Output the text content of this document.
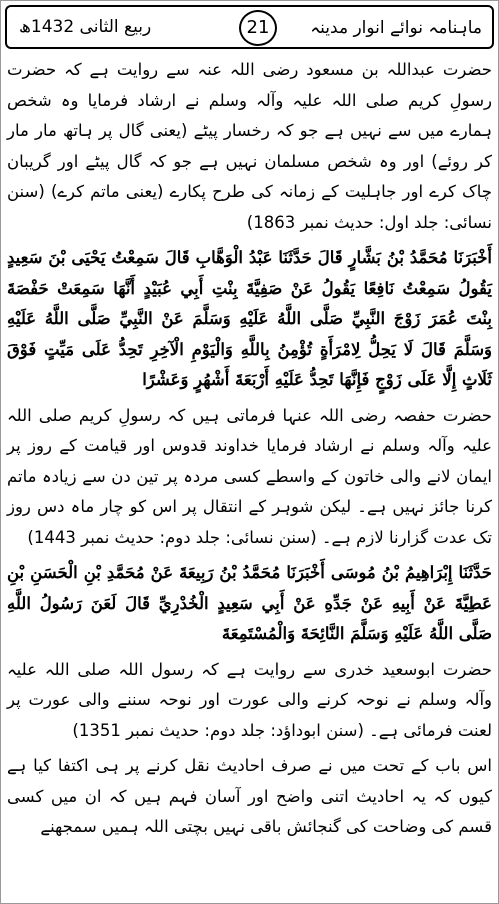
ماہنامہ نوائے انوار مدینہ
21
ربیع الثانی 1432ھ

حضرت عبداللہ بن مسعود رضی اللہ عنہ سے روایت ہے کہ حضرت رسولِ کریم صلی اللہ علیہ وآلہ وسلم نے ارشاد فرمایا وہ شخص ہمارے میں سے نہیں ہے جو کہ رخسار پیٹے (یعنی گال پر ہاتھ مار مار کر روئے) اور وہ شخص مسلمان نہیں ہے جو کہ گال پیٹے اور گریبان چاک کرے اور جاہلیت کے زمانہ کی طرح پکارے (یعنی ماتم کرے) (سنن نسائی: جلد اول: حدیث نمبر 1863)

أَخْبَرَنَا مُحَمَّدُ بْنُ بَشَّارٍ قَالَ حَدَّثَنَا عَبْدُ الْوَهَّابِ قَالَ سَمِعْتُ يَحْيَى بْنَ سَعِيدٍ يَقُولُ سَمِعْتُ نَافِعًا يَقُولُ عَنْ صَفِيَّةَ بِنْتِ أَبِي عُبَيْدٍ أَنَّهَا سَمِعَتْ حَفْصَةَ بِنْتَ عُمَرَ زَوْجَ النَّبِيِّ صَلَّى اللَّهُ عَلَيْهِ وَسَلَّمَ عَنْ النَّبِيِّ صَلَّى اللَّهُ عَلَيْهِ وَسَلَّمَ قَالَ لَا يَحِلُّ لِامْرَأَةٍ تُؤْمِنُ بِاللَّهِ وَالْيَوْمِ الْآخِرِ تَحِدُّ عَلَى مَيِّتٍ فَوْقَ ثَلَاثٍ إِلَّا عَلَى زَوْجٍ فَإِنَّهَا تَحِدُّ عَلَيْهِ أَرْبَعَةَ أَشْهُرٍ وَعَشْرًا

حضرت حفصہ رضی اللہ عنہا فرماتی ہیں کہ رسولِ کریم صلی اللہ علیہ وآلہ وسلم نے ارشاد فرمایا خداوند قدوس اور قیامت کے روز پر ایمان لانے والی خاتون کے واسطے کسی مردہ پر تین دن سے زیادہ ماتم کرنا جائز نہیں ہے۔ لیکن شوہر کے انتقال پر اس کو چار ماہ دس روز تک عدت گزارنا لازم ہے۔ (سنن نسائی: جلد دوم: حدیث نمبر 1443)

حَدَّثَنَا إِبْرَاهِيمُ بْنُ مُوسَى أَخْبَرَنَا مُحَمَّدُ بْنُ رَبِيعَةَ عَنْ مُحَمَّدِ بْنِ الْحَسَنِ بْنِ عَطِيَّةَ عَنْ أَبِيهِ عَنْ جَدِّهِ عَنْ أَبِي سَعِيدٍ الْخُدْرِيِّ قَالَ لَعَنَ رَسُولُ اللَّهِ صَلَّى اللَّهُ عَلَيْهِ وَسَلَّمَ النَّائِحَةَ وَالْمُسْتَمِعَةَ

حضرت ابوسعید خدری سے روایت ہے کہ رسول اللہ صلی اللہ علیہ وآلہ وسلم نے نوحہ کرنے والی عورت اور نوحہ سننے والی عورت پر لعنت فرمائی ہے۔ (سنن ابوداؤد: جلد دوم: حدیث نمبر 1351)

اس باب کے تحت میں نے صرف احادیث نقل کرنے پر ہی اکتفا کیا ہے کیوں کہ یہ احادیث اتنی واضح اور آسان فہم ہیں کہ ان میں کسی قسم کی وضاحت کی گنجائش باقی نہیں بچتی اللہ ہمیں سمجھنے
